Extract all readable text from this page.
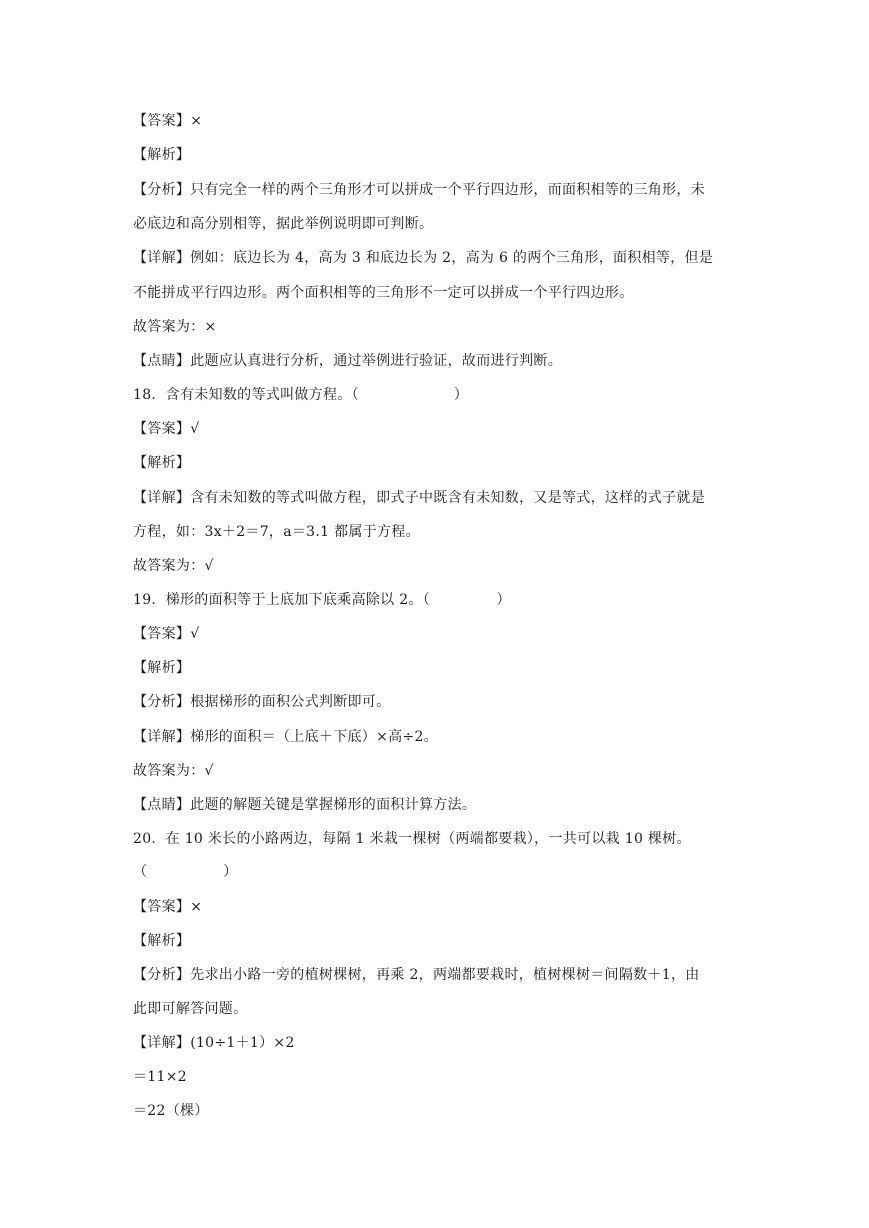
【答案】×
【解析】
【分析】只有完全一样的两个三角形才可以拼成一个平行四边形，而面积相等的三角形，未
必底边和高分别相等，据此举例说明即可判断。
【详解】例如：底边长为 4，高为 3 和底边长为 2，高为 6 的两个三角形，面积相等，但是
不能拼成平行四边形。两个面积相等的三角形不一定可以拼成一个平行四边形。
故答案为：×
【点睛】此题应认真进行分析，通过举例进行验证，故而进行判断。
18.  含有未知数的等式叫做方程。（                    ）
【答案】√
【解析】
【详解】含有未知数的等式叫做方程，即式子中既含有未知数，又是等式，这样的式子就是
方程，如：3x＋2＝7，a＝3.1 都属于方程。
故答案为：√
19.  梯形的面积等于上底加下底乘高除以 2。（              ）
【答案】√
【解析】
【分析】根据梯形的面积公式判断即可。
【详解】梯形的面积＝（上底＋下底）×高÷2。
故答案为：√
【点睛】此题的解题关键是掌握梯形的面积计算方法。
20.  在 10 米长的小路两边，每隔 1 米栽一棵树（两端都要栽），一共可以栽 10 棵树。
（                ）
【答案】×
【解析】
【分析】先求出小路一旁的植树棵树，再乘 2，两端都要栽时，植树棵树＝间隔数＋1，由
此即可解答问题。
【详解】(10÷1＋1）×2
＝11×2
＝22（棵）
